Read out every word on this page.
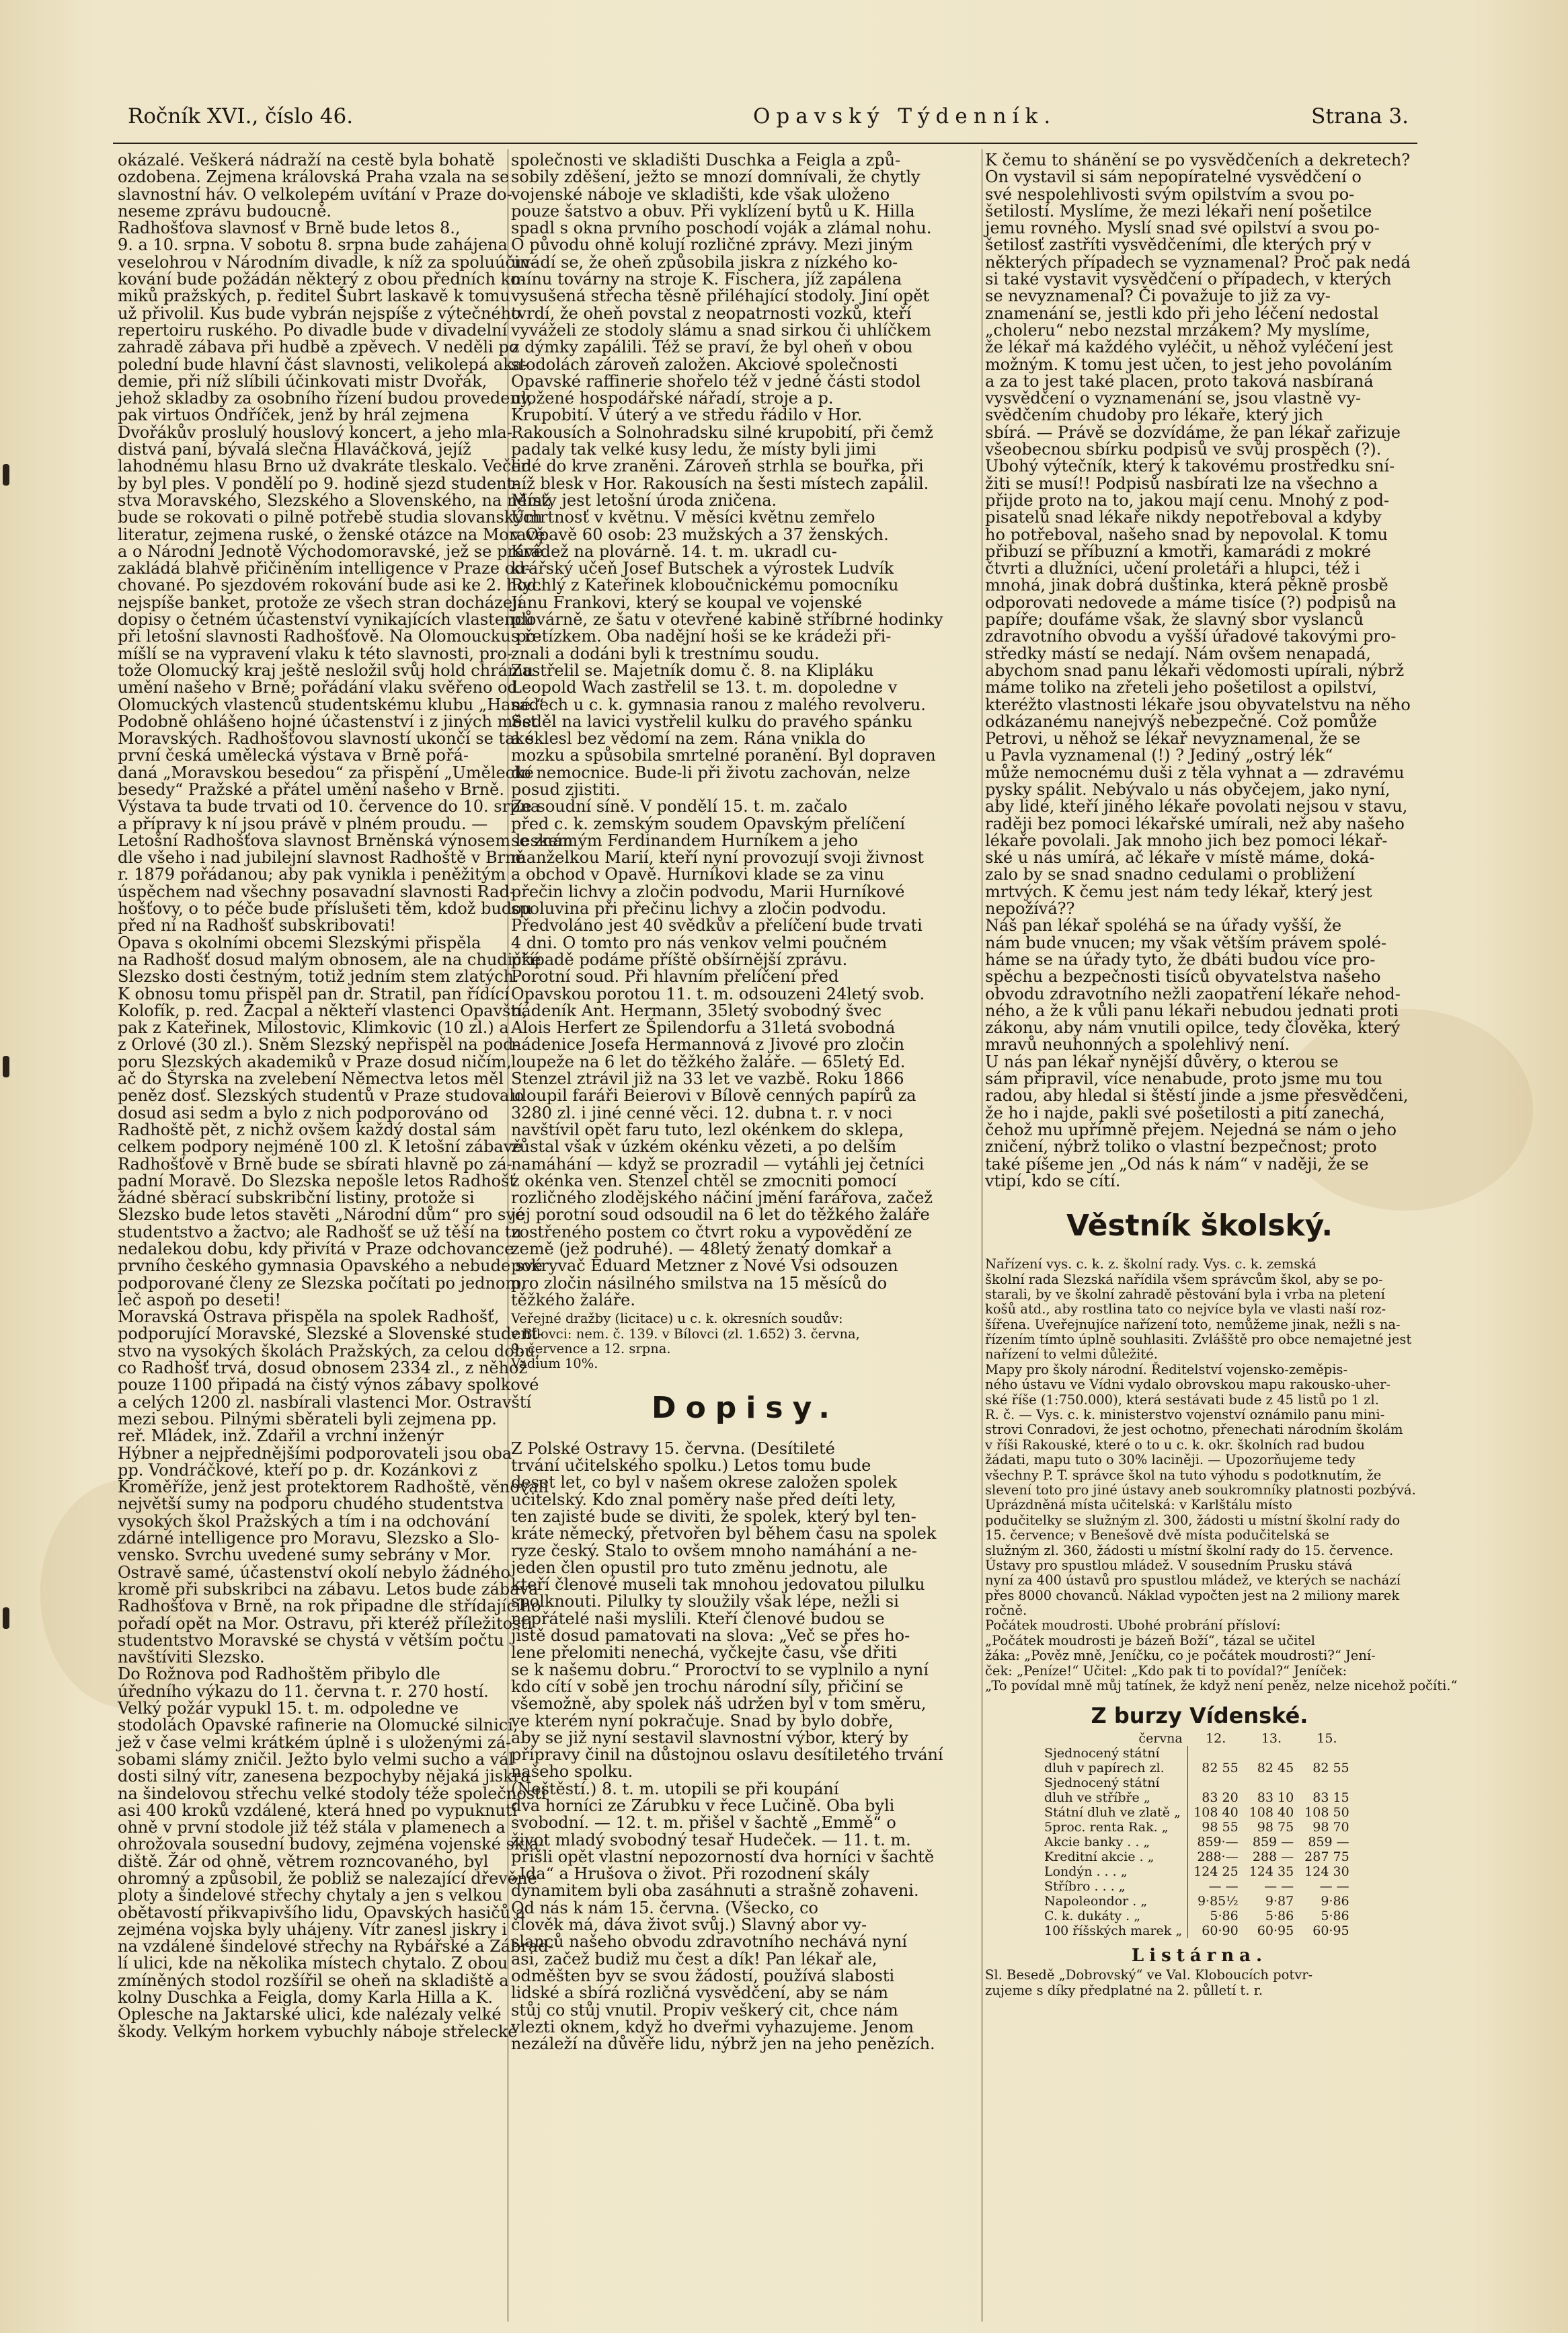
Ročník XVI., číslo 46.	Opavský Týdenník.	Strana 3.
okázalé. Veškerá nádraží na cestě byla bohatě
ozdobena. Zejmena královská Praha vzala na se
slavnostní háv. O velkolepém uvítání v Praze do-
neseme zprávu budoucně.
Radhošťova slavnosť v Brně bude letos 8.,
9. a 10. srpna. V sobotu 8. srpna bude zahájena
veselohrou v Národním divadle, k níž za spoluúčin-
kování bude požádán některý z obou předních ko-
miků pražských, p. ředitel Šubrt laskavě k tomu
už přivolil. Kus bude vybrán nejspíše z výtečného
repertoiru ruského. Po divadle bude v divadelní
zahradě zábava při hudbě a zpěvech. V neděli po
polední bude hlavní část slavnosti, velikolepá aka-
demie, při níž slíbili účinkovati mistr Dvořák,
jehož skladby za osobního řízení budou provedeny,
pak virtuos Ondříček, jenž by hrál zejmena
Dvořákův proslulý houslový koncert, a jeho mla-
distvá paní, bývalá slečna Hlaváčková, jejíž
lahodnému hlasu Brno už dvakráte tleskalo. Večer
by byl ples. V pondělí po 9. hodině sjezd student-
stva Moravského, Slezského a Slovenského, na němž
bude se rokovati o pilně potřebě studia slovanských
literatur, zejmena ruské, o ženské otázce na Moravě
a o Národní Jednotě Východomoravské, jež se právě
zakládá blahvě přičiněním intelligence v Praze od-
chované. Po sjezdovém rokování bude asi ke 2. hod.
nejspíše banket, protože ze všech stran docházejí
dopisy o četném účastenství vynikajících vlastenců
při letošní slavnosti Radhošťově. Na Olomoucku po-
míšlí se na vypravení vlaku k této slavnosti, pro-
tože Olomucký kraj ještě nesložil svůj hold chrámu
umění našeho v Brně; pořádání vlaku svěřeno od
Olomuckých vlastenců studentskému klubu „Hané.“
Podobně ohlášeno hojné účastenství i z jiných měst
Moravských. Radhošťovou slavností ukončí se také
první česká umělecká výstava v Brně pořá-
daná „Moravskou besedou“ za přispění „Umělecké
besedy“ Pražské a přátel umění našeho v Brně.
Výstava ta bude trvati od 10. července do 10. srpna
a přípravy k ní jsou právě v plném proudu. —
Letošní Radhošťova slavnost Brněnská výnosem leskem
dle všeho i nad jubilejní slavnost Radhoště v Brně
r. 1879 pořádanou; aby pak vynikla i peněžitým
úspěchem nad všechny posavadní slavnosti Rad-
hošťovy, o to péče bude příslušeti těm, kdož budou
před ní na Radhošť subskribovati!
Opava s okolními obcemi Slezskými přispěla
na Radhošť dosud malým obnosem, ale na chudičké
Slezsko dosti čestným, totiž jedním stem zlatých.
K obnosu tomu přispěl pan dr. Stratil, pan řídící
Kolofík, p. red. Žacpal a někteří vlastenci Opavští,
pak z Kateřinek, Milostovic, Klimkovic (10 zl.) a
z Orlové (30 zl.). Sněm Slezský nepřispěl na pod-
poru Slezských akademiků v Praze dosud ničím,
ač do Štyrska na zvelebení Němectva letos měl
peněz dosť. Slezských studentů v Praze studovalo
dosud asi sedm a bylo z nich podporováno od
Radhoště pět, z nichž ovšem každý dostal sám
celkem podpory nejméně 100 zl. K letošní zábavě
Radhošťově v Brně bude se sbírati hlavně po zá-
padní Moravě. Do Slezska nepošle letos Radhošť
žádné sběrací subskribční listiny, protože si
Slezsko bude letos stavěti „Národní dům“ pro své
studentstvo a žactvo; ale Radhošť se už těší na tu
nedalekou dobu, kdy přivítá v Praze odchovance
prvního českého gymnasia Opavského a nebude své
podporované členy ze Slezska počítati po jednom,
leč aspoň po deseti!
Moravská Ostrava přispěla na spolek Radhošť,
podporující Moravské, Slezské a Slovenské student-
stvo na vysokých školách Pražských, za celou dobu,
co Radhošť trvá, dosud obnosem 2334 zl., z něhož
pouze 1100 připadá na čistý výnos zábavy spolkové
a celých 1200 zl. nasbírali vlastenci Mor. Ostravští
mezi sebou. Pilnými sběrateli byli zejmena pp.
reř. Mládek, inž. Zdařil a vrchní inženýr
Hýbner a nejpřednějšími podporovateli jsou oba
pp. Vondráčkové, kteří po p. dr. Kozánkovi z
Kroměříže, jenž jest protektorem Radhoště, věnovali
největší sumy na podporu chudého studentstva
vysokých škol Pražských a tím i na odchování
zdárné intelligence pro Moravu, Slezsko a Slo-
vensko. Svrchu uvedené sumy sebrány v Mor.
Ostravě samé, účastenství okolí nebylo žádného
kromě při subskribci na zábavu. Letos bude zábava
Radhošťova v Brně, na rok připadne dle střídajícího
pořadí opět na Mor. Ostravu, při kteréž příležitosti
studentstvo Moravské se chystá v větším počtu
navštíviti Slezsko.
Do Rožnova pod Radhoštěm přibylo dle
úředního výkazu do 11. června t. r. 270 hostí.
Velký požár vypukl 15. t. m. odpoledne ve
stodolách Opavské rafinerie na Olomucké silnici,
jež v čase velmi krátkém úplně i s uloženými zá-
sobami slámy zničil. Ježto bylo velmi sucho a vál
dosti silný vítr, zanesena bezpochyby nějaká jiskra
na šindelovou střechu velké stodoly téže společnosti
asi 400 kroků vzdálené, která hned po vypuknutí
ohně v první stodole již též stála v plamenech a
ohrožovala sousední budovy, zejména vojenské skla-
diště. Žár od ohně, větrem rozncovaného, byl
ohromný a způsobil, že pobliž se nalezající dřevěné
ploty a šindelové střechy chytaly a jen s velkou
obětavostí přikvapivšího lidu, Opavských hasičů a
zejména vojska byly uhájeny. Vítr zanesl jiskry i
na vzdálené šindelové střechy na Rybářské a Zábrad-
lí ulici, kde na několika místech chytalo. Z obou
zmíněných stodol rozšířil se oheň na skladiště a
kolny Duschka a Feigla, domy Karla Hilla a K.
Oplesche na Jaktarské ulici, kde nalézaly velké
škody. Velkým horkem vybuchly náboje střelecké
společnosti ve skladišti Duschka a Feigla a způ-
sobily zděšení, ježto se mnozí domnívali, že chytly
vojenské náboje ve skladišti, kde však uloženo
pouze šatstvo a obuv. Při vyklízení bytů u K. Hilla
spadl s okna prvního poschodí voják a zlámal nohu.
O původu ohně kolují rozličné zprávy. Mezi jiným
uvádí se, že oheň způsobila jiskra z nízkého ko-
mínu továrny na stroje K. Fischera, jíž zapálena
vysušená střecha těsně přiléhající stodoly. Jiní opět
tvrdí, že oheň povstal z neopatrnosti vozků, kteří
vyváželi ze stodoly slámu a snad sirkou či uhlíčkem
z dýmky zapálili. Též se praví, že byl oheň v obou
stodolách zároveň založen. Akciové společnosti
Opavské raffinerie shořelo též v jedné části stodol
uložené hospodářské nářadí, stroje a p.
Krupobití. V úterý a ve středu řádilo v Hor.
Rakousích a Solnohradsku silné krupobití, při čemž
padaly tak velké kusy ledu, že místy byli jimi
lidé do krve zraněni. Zároveň strhla se bouřka, při
níž blesk v Hor. Rakousích na šesti místech zapálil.
Místy jest letošní úroda zničena.
Úmrtnosť v květnu. V měsíci květnu zemřelo
v Opavě 60 osob: 23 mužských a 37 ženských.
Krádež na plovárně. 14. t. m. ukradl cu-
krářský učeň Josef Butschek a výrostek Ludvík
Rychlý z Kateřinek kloboučnickému pomocníku
Janu Frankovi, který se koupal ve vojenské
plovárně, ze šatu v otevřené kabině stříbrné hodinky
s řetízkem. Oba nadějní hoši se ke krádeži při-
znali a dodáni byli k trestnímu soudu.
Zastřelil se. Majetník domu č. 8. na Klipláku
Leopold Wach zastřelil se 13. t. m. dopoledne v
sadech u c. k. gymnasia ranou z malého revolveru.
Seděl na lavici vystřelil kulku do pravého spánku
a sklesl bez vědomí na zem. Rána vnikla do
mozku a spůsobila smrtelné poranění. Byl dopraven
do nemocnice. Bude-li při životu zachován, nelze
posud zjistiti.
Ze soudní síně. V pondělí 15. t. m. začalo
před c. k. zemským soudem Opavským přelíčení
se známým Ferdinandem Hurníkem a jeho
manželkou Marií, kteří nyní provozují svoji živnost
a obchod v Opavě. Hurníkovi klade se za vinu
přečin lichvy a zločin podvodu, Marii Hurníkové
spoluvina při přečinu lichvy a zločin podvodu.
Předvoláno jest 40 svědkův a přelíčení bude trvati
4 dni. O tomto pro nás venkov velmi poučném
případě podáme příště obšírnější zprávu.
Porotní soud. Při hlavním přelíčení před
Opavskou porotou 11. t. m. odsouzeni 24letý svob.
nádeník Ant. Hermann, 35letý svobodný švec
Alois Herfert ze Špilendorfu a 31letá svobodná
nádenice Josefa Hermannová z Jivové pro zločin
loupeže na 6 let do těžkého žaláře. — 65letý Ed.
Stenzel ztrávil již na 33 let ve vazbě. Roku 1866
uloupil faráři Beierovi v Bílově cenných papírů za
3280 zl. i jiné cenné věci. 12. dubna t. r. v noci
navštívil opět faru tuto, lezl okénkem do sklepa,
zůstal však v úzkém okénku vězeti, a po delším
namáhání — když se prozradil — vytáhli jej četníci
z okénka ven. Stenzel chtěl se zmocniti pomocí
rozličného zlodějského náčiní jmění farářova, začež
jej porotní soud odsoudil na 6 let do těžkého žaláře
zostřeného postem co čtvrt roku a vypovědění ze
země (jež podruhé). — 48letý ženatý domkař a
pokryvač Eduard Metzner z Nové Vsi odsouzen
pro zločin násilného smilstva na 15 měsíců do
těžkého žaláře.
Veřejné dražby (licitace) u c. k. okresních soudův:
v Bílovci: nem. č. 139. v Bílovci (zl. 1.652) 3. června,
9. července a 12. srpna.
Vadium 10%.
Dopisy.
Z Polské Ostravy 15. června. (Desítileté
trvání učitelského spolku.) Letos tomu bude
deset let, co byl v našem okrese založen spolek
učitelský. Kdo znal poměry naše před deíti lety,
ten zajisté bude se diviti, že spolek, který byl ten-
kráte německý, přetvořen byl během času na spolek
ryze český. Stalo to ovšem mnoho namáhání a ne-
jeden člen opustil pro tuto změnu jednotu, ale
kteří členové museli tak mnohou jedovatou pilulku
spolknouti. Pilulky ty sloužily však lépe, nežli si
nepřátelé naši myslili. Kteří členové budou se
jistě dosud pamatovati na slova: „Več se přes ho-
lene přelomiti nenechá, vyčkejte času, vše dřiti
se k našemu dobru.“ Proroctví to se vyplnilo a nyní
kdo cítí v sobě jen trochu národní síly, přičiní se
všemožně, aby spolek náš udržen byl v tom směru,
ve kterém nyní pokračuje. Snad by bylo dobře,
aby se již nyní sestavil slavnostní výbor, který by
přípravy činil na důstojnou oslavu desítiletého trvání
našeho spolku.
(Neštěstí.) 8. t. m. utopili se při koupání
dva horníci ze Zárubku v řece Lučině. Oba byli
svobodní. — 12. t. m. přišel v šachtě „Emmě“ o
život mladý svobodný tesař Hudeček. — 11. t. m.
přišli opět vlastní nepozorností dva horníci v šachtě
„Ida“ a Hrušova o život. Při rozodnení skály
dynamitem byli oba zasáhnuti a strašně zohaveni.
Od nás k nám 15. června. (Všecko, co
člověk má, dáva život svůj.) Slavný abor vy-
slanců našeho obvodu zdravotního nechává nyní
asi, začež budiž mu čest a dík! Pan lékař ale,
odměšten byv se svou žádostí, používá slabosti
lidské a sbírá rozličná vysvědčení, aby se nám
stůj co stůj vnutil. Propiv veškerý cit, chce nám
vlezti oknem, když ho dveřmi vyhazujeme. Jenom
nezáleží na důvěře lidu, nýbrž jen na jeho penězích.
K čemu to shánění se po vysvědčeních a dekretech?
On vystavil si sám nepopíratelné vysvědčení o
své nespolehlivosti svým opilstvím a svou po-
šetilostí. Myslíme, že mezi lékaři není pošetilce
jemu rovného. Myslí snad své opilství a svou po-
šetilosť zastříti vysvědčeními, dle kterých prý v
některých případech se vyznamenal? Proč pak nedá
si také vystavit vysvědčení o případech, v kterých
se nevyznamenal? Či považuje to již za vy-
znamenání se, jestli kdo při jeho léčení nedostal
„choleru“ nebo nezstal mrzákem? My myslíme,
že lékař má každého vyléčit, u něhož vyléčení jest
možným. K tomu jest učen, to jest jeho povoláním
a za to jest také placen, proto taková nasbíraná
vysvědčení o vyznamenání se, jsou vlastně vy-
svědčením chudoby pro lékaře, který jich
sbírá. — Právě se dozvídáme, že pan lékař zařizuje
všeobecnou sbírku podpisů ve svůj prospěch (?).
Ubohý výtečník, který k takovému prostředku sní-
žiti se musí!! Podpisů nasbírati lze na všechno a
přijde proto na to, jakou mají cenu. Mnohý z pod-
pisatelů snad lékaře nikdy nepotřeboval a kdyby
ho potřeboval, našeho snad by nepovolal. K tomu
přibuzí se příbuzní a kmotři, kamarádi z mokré
čtvrti a dlužníci, učení proletáři a hlupci, též i
mnohá, jinak dobrá duštinka, která pěkně prosbě
odporovati nedovede a máme tisíce (?) podpisů na
papíře; doufáme však, že slavný sbor vyslanců
zdravotního obvodu a vyšší úřadové takovými pro-
středky mástí se nedají. Nám ovšem nenapadá,
abychom snad panu lékaři vědomosti upírali, nýbrž
máme toliko na zřeteli jeho pošetilost a opilství,
kteréžto vlastnosti lékaře jsou obyvatelstvu na něho
odkázanému nanejvýš nebezpečné. Což pomůže
Petrovi, u něhož se lékař nevyznamenal, že se
u Pavla vyznamenal (!) ? Jediný „ostrý lék“
může nemocnému duši z těla vyhnat a — zdravému
pysky spálit. Nebývalo u nás obyčejem, jako nyní,
aby lidé, kteří jiného lékaře povolati nejsou v stavu,
raději bez pomoci lékařské umírali, než aby našeho
lékaře povolali. Jak mnoho jich bez pomoci lékař-
ské u nás umírá, ač lékaře v místě máme, doká-
zalo by se snad snadno cedulami o probližení
mrtvých. K čemu jest nám tedy lékař, který jest
nepožívá??
Náš pan lékař spoléhá se na úřady vyšší, že
nám bude vnucen; my však větším právem spolé-
háme se na úřady tyto, že dbáti budou více pro-
spěchu a bezpečnosti tisíců obyvatelstva našeho
obvodu zdravotního nežli zaopatření lékaře nehod-
ného, a že k vůli panu lékaři nebudou jednati proti
zákonu, aby nám vnutili opilce, tedy člověka, který
mravů neuhonných a spolehlivý není.
U nás pan lékař nynější důvěry, o kterou se
sám připravil, více nenabude, proto jsme mu tou
radou, aby hledal si štěstí jinde a jsme přesvědčeni,
že ho i najde, pakli své pošetilosti a pití zanechá,
čehož mu upřímně přejem. Nejedná se nám o jeho
zničení, nýbrž toliko o vlastní bezpečnost; proto
také píšeme jen „Od nás k nám“ v naději, že se
vtipí, kdo se cítí.
Věstník školský.
Nařízení vys. c. k. z. školní rady. Vys. c. k. zemská
školní rada Slezská nařídila všem správcům škol, aby se po-
starali, by ve školní zahradě pěstování byla i vrba na pletení
košů atd., aby rostlina tato co nejvíce byla ve vlasti naší roz-
šířena. Uveřejnujíce nařízení toto, nemůžeme jinak, nežli s na-
řízením tímto úplně souhlasiti. Zvlášště pro obce nemajetné jest
nařízení to velmi důležité.
Mapy pro školy národní. Ředitelství vojensko-zeměpis-
ného ústavu ve Vídni vydalo obrovskou mapu rakousko-uher-
ské říše (1:750.000), která sestávati bude z 45 listů po 1 zl.
R. č. — Vys. c. k. ministerstvo vojenství oznámilo panu mini-
strovi Conradovi, že jest ochotno, přenechati národním školám
v říši Rakouské, které o to u c. k. okr. školních rad budou
žádati, mapu tuto o 30% laciněji. — Upozorňujeme tedy
všechny P. T. správce škol na tuto výhodu s podotknutím, že
slevení toto pro jiné ústavy aneb soukromníky platnosti pozbývá.
Uprázdněná místa učitelská: v Karlštálu místo
podučitelky se služným zl. 300, žádosti u místní školní rady do
15. července; v Benešově dvě místa podučitelská se
služným zl. 360, žádosti u místní školní rady do 15. července.
Ústavy pro spustlou mládež. V sousedním Prusku stává
nyní za 400 ústavů pro spustlou mládež, ve kterých se nachází
přes 8000 chovanců. Náklad vypočten jest na 2 miliony marek
ročně.
Počátek moudrosti. Ubohé probrání přísloví:
„Počátek moudrosti je bázeň Boží“, tázal se učitel
žáka: „Pověz mně, Jeníčku, co je počátek moudrosti?“ Jení-
ček: „Peníze!“ Učitel: „Kdo pak ti to povídal?“ Jeníček:
„To povídal mně můj tatínek, že když není peněz, nelze nicehož počíti.“
Z burzy Vídenské.
června	12.	13.	15.
Sjednocený státní			
dluh v papírech zl.	82 55	82 45	82 55
Sjednocený státní			
dluh ve stříbře „	83 20	83 10	83 15
Státní dluh ve zlatě „	108 40	108 40	108 50
5proc. renta Rak. „	98 55	98 75	98 70
Akcie banky . . „	859·—	859 —	859 —
Kreditní akcie . „	288·—	288 —	287 75
Londýn . . . „	124 25	124 35	124 30
Stříbro . . . „	— —	— —	— —
Napoleondor . „	9·85½	9·87	9·86
C. k. dukáty . „	5·86	5·86	5·86
100 říšských marek „	60·90	60·95	60·95
Listárna.
Sl. Besedě „Dobrovský“ ve Val. Kloboucích potvr-
zujeme s díky předplatné na 2. půlletí t. r.
